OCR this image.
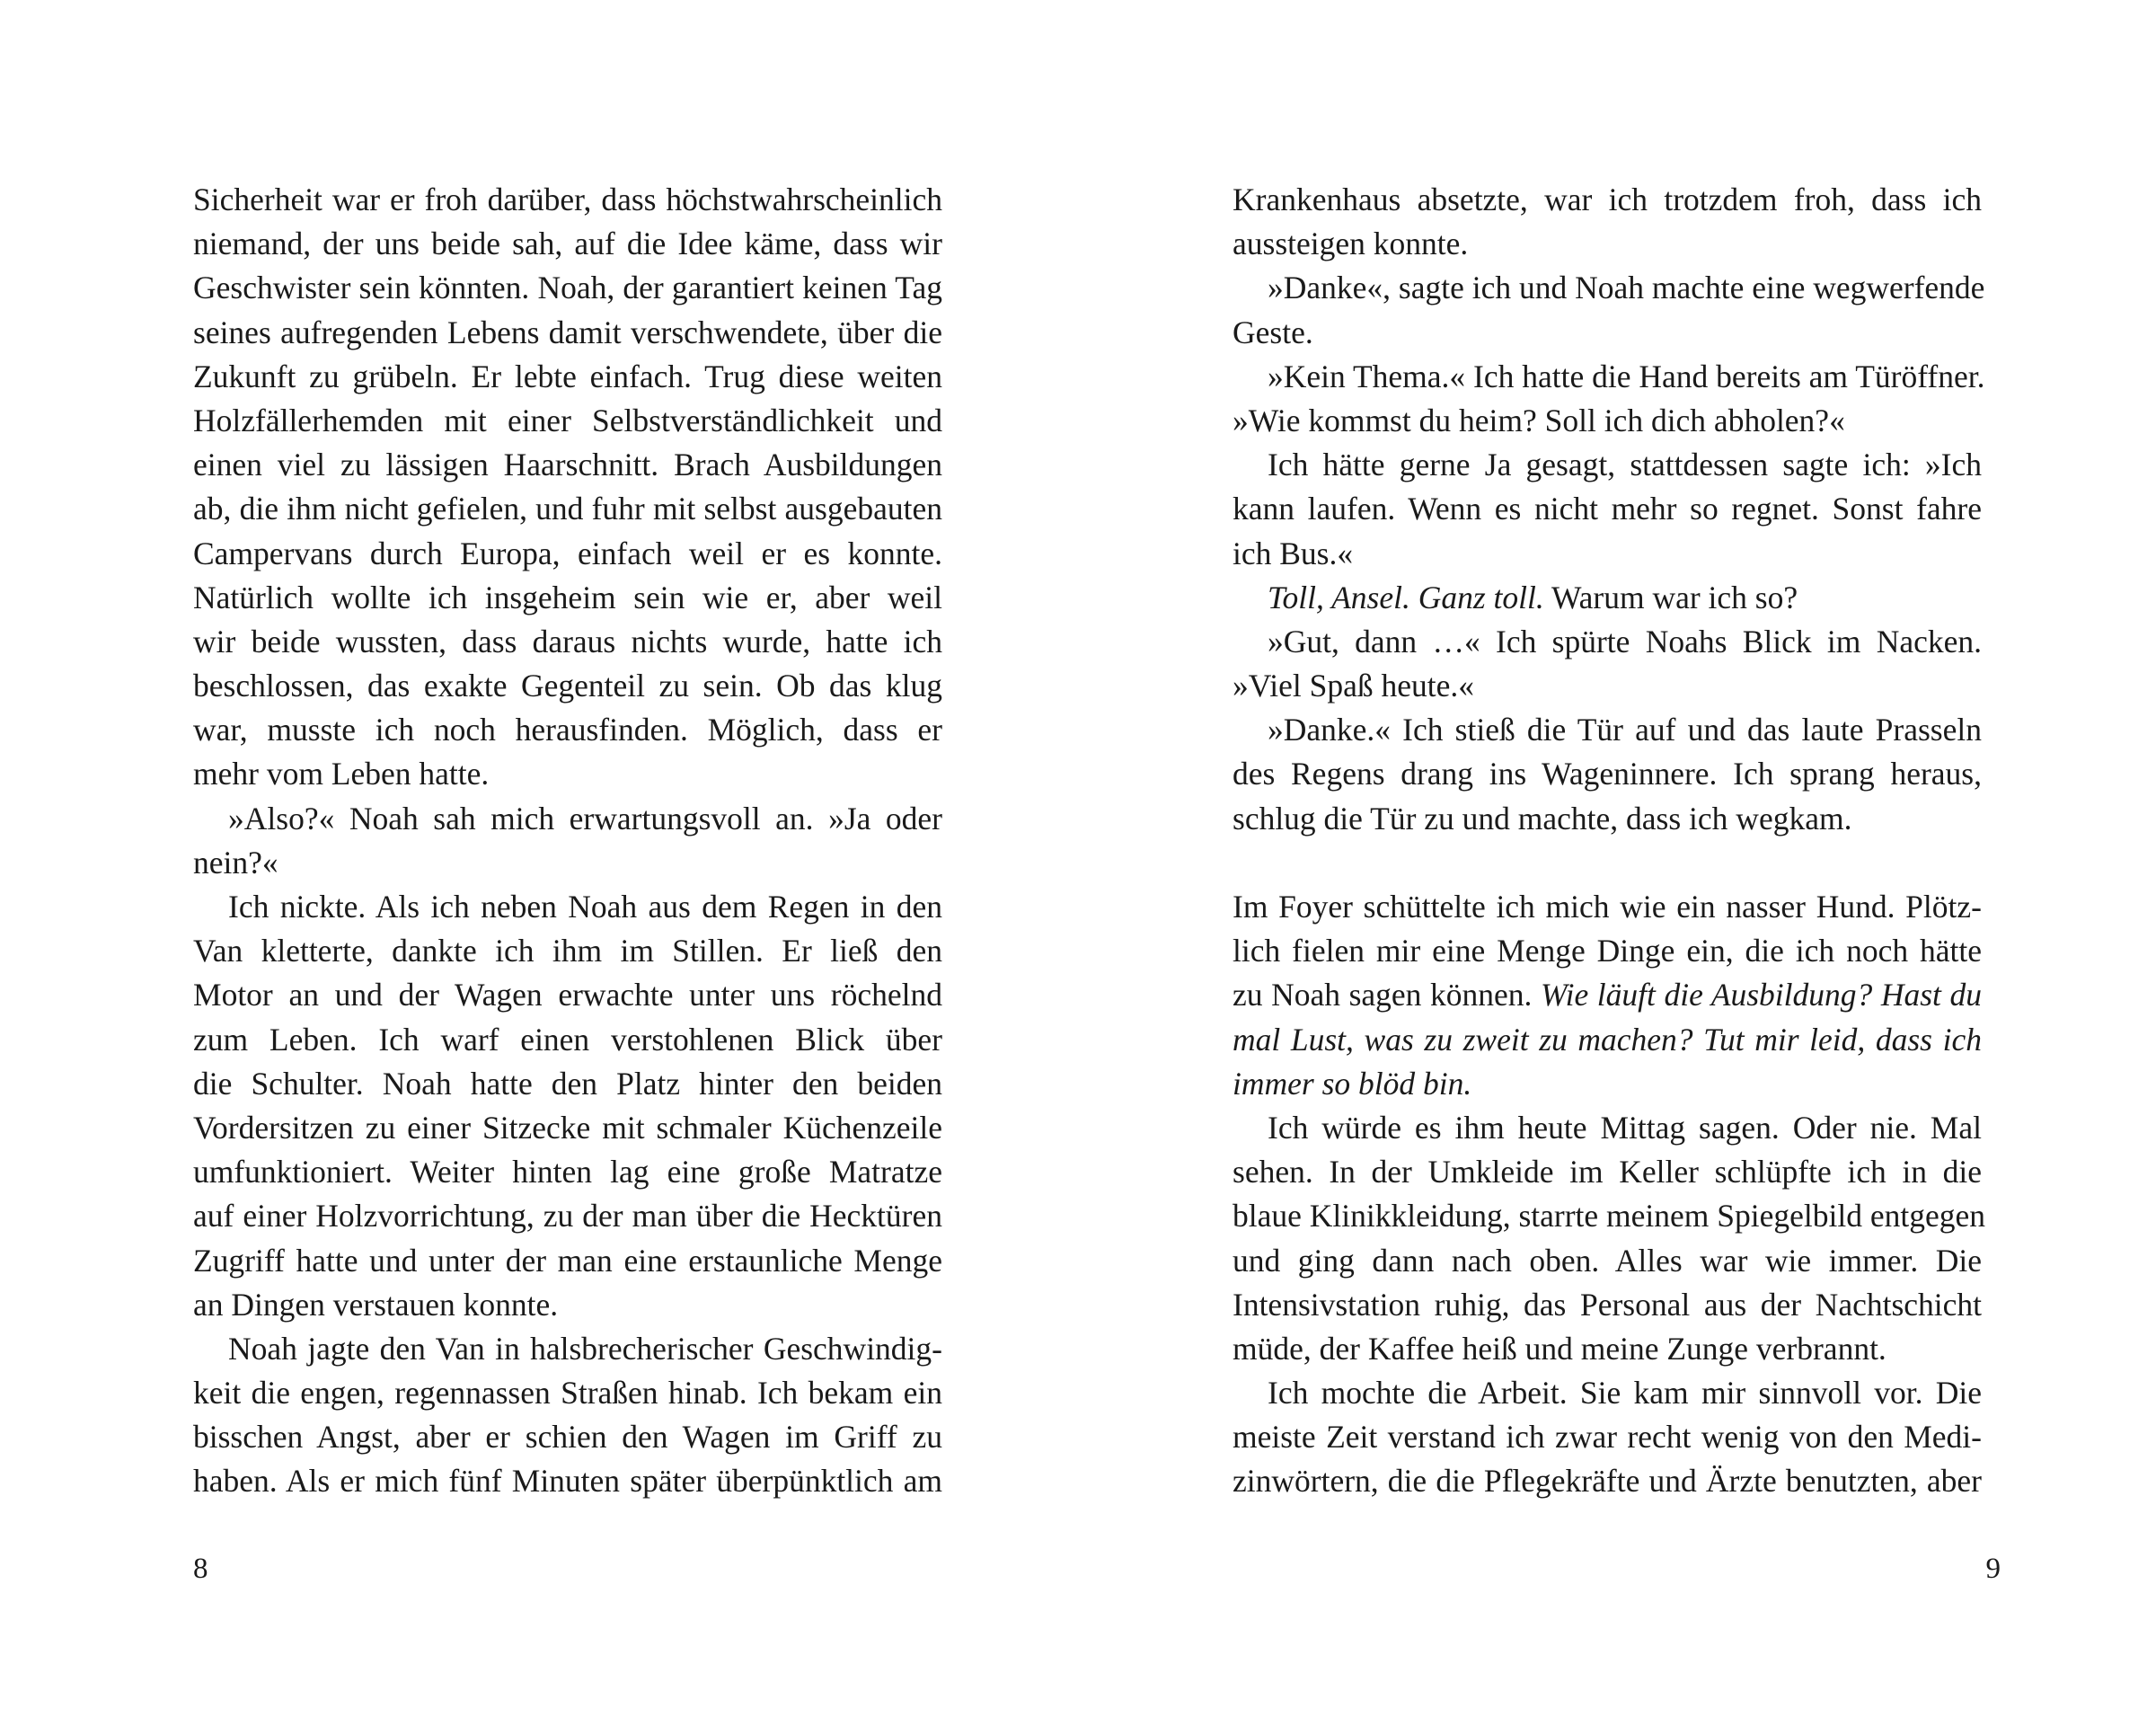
Sicherheit war er froh darüber, dass höchstwahrscheinlich
niemand, der uns beide sah, auf die Idee käme, dass wir
Geschwister sein könnten. Noah, der garantiert keinen Tag
seines aufregenden Lebens damit verschwendete, über die
Zukunft zu grübeln. Er lebte einfach. Trug diese weiten
Holzfällerhemden mit einer Selbstverständlichkeit und
einen viel zu lässigen Haarschnitt. Brach Ausbildungen
ab, die ihm nicht gefielen, und fuhr mit selbst ausgebauten
Campervans durch Europa, einfach weil er es konnte.
Natürlich wollte ich insgeheim sein wie er, aber weil
wir beide wussten, dass daraus nichts wurde, hatte ich
beschlossen, das exakte Gegenteil zu sein. Ob das klug
war, musste ich noch herausfinden. Möglich, dass er
mehr vom Leben hatte.
»Also?« Noah sah mich erwartungsvoll an. »Ja oder
nein?«
Ich nickte. Als ich neben Noah aus dem Regen in den
Van kletterte, dankte ich ihm im Stillen. Er ließ den
Motor an und der Wagen erwachte unter uns röchelnd
zum Leben. Ich warf einen verstohlenen Blick über
die Schulter. Noah hatte den Platz hinter den beiden
Vordersitzen zu einer Sitzecke mit schmaler Küchenzeile
umfunktioniert. Weiter hinten lag eine große Matratze
auf einer Holzvorrichtung, zu der man über die Hecktüren
Zugriff hatte und unter der man eine erstaunliche Menge
an Dingen verstauen konnte.
Noah jagte den Van in halsbrecherischer Geschwindig-
keit die engen, regennassen Straßen hinab. Ich bekam ein
bisschen Angst, aber er schien den Wagen im Griff zu
haben. Als er mich fünf Minuten später überpünktlich am
8
Krankenhaus absetzte, war ich trotzdem froh, dass ich
aussteigen konnte.
»Danke«, sagte ich und Noah machte eine wegwerfende
Geste.
»Kein Thema.« Ich hatte die Hand bereits am Türöffner.
»Wie kommst du heim? Soll ich dich abholen?«
Ich hätte gerne Ja gesagt, stattdessen sagte ich: »Ich
kann laufen. Wenn es nicht mehr so regnet. Sonst fahre
ich Bus.«
Toll, Ansel. Ganz toll. Warum war ich so?
»Gut, dann …« Ich spürte Noahs Blick im Nacken.
»Viel Spaß heute.«
»Danke.« Ich stieß die Tür auf und das laute Prasseln
des Regens drang ins Wageninnere. Ich sprang heraus,
schlug die Tür zu und machte, dass ich wegkam.
Im Foyer schüttelte ich mich wie ein nasser Hund. Plötz-
lich fielen mir eine Menge Dinge ein, die ich noch hätte
zu Noah sagen können. Wie läuft die Ausbildung? Hast du
mal Lust, was zu zweit zu machen? Tut mir leid, dass ich
immer so blöd bin.
Ich würde es ihm heute Mittag sagen. Oder nie. Mal
sehen. In der Umkleide im Keller schlüpfte ich in die
blaue Klinikkleidung, starrte meinem Spiegelbild entgegen
und ging dann nach oben. Alles war wie immer. Die
Intensivstation ruhig, das Personal aus der Nachtschicht
müde, der Kaffee heiß und meine Zunge verbrannt.
Ich mochte die Arbeit. Sie kam mir sinnvoll vor. Die
meiste Zeit verstand ich zwar recht wenig von den Medi-
zinwörtern, die die Pflegekräfte und Ärzte benutzten, aber
9
